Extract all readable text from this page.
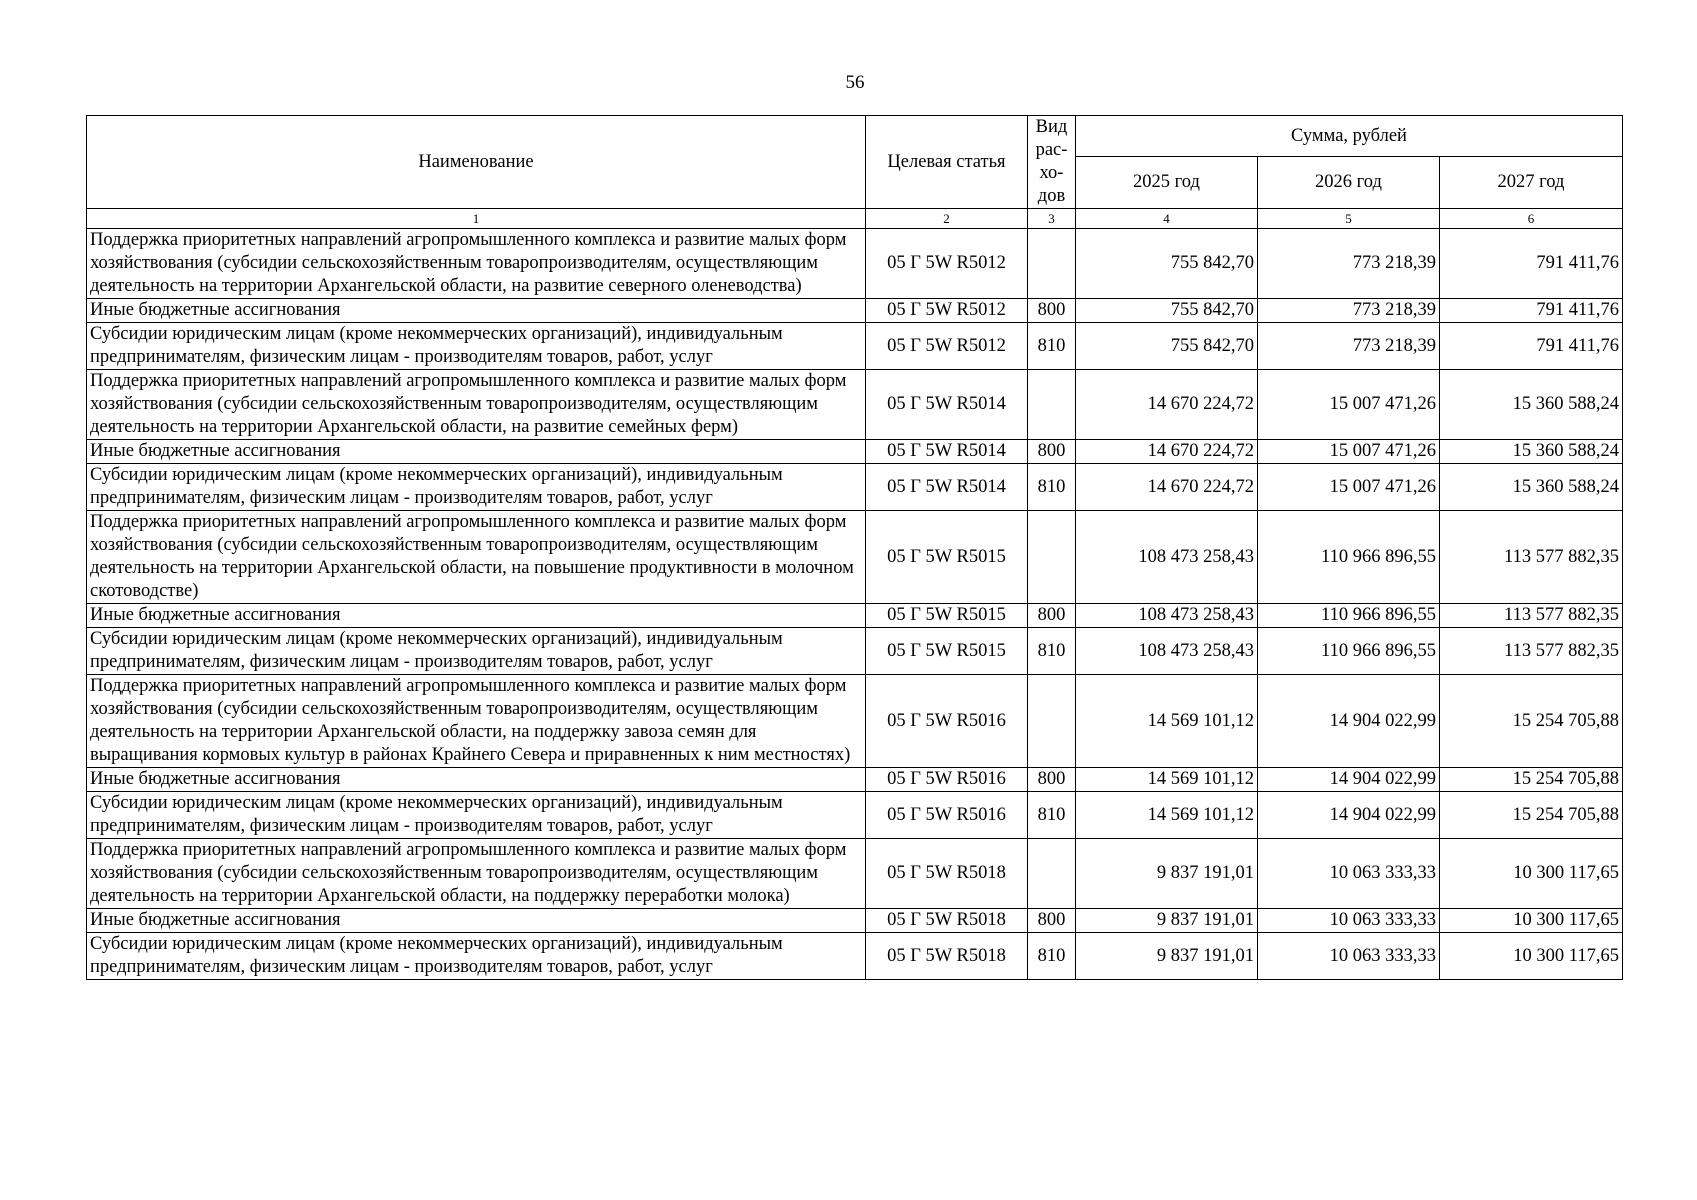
56
Наименование	Целевая статья	Вид рас-хо-дов	Сумма, рублей		
			2025 год	2026 год	2027 год
1	2	3	4	5	6
Поддержка приоритетных направлений агропромышленного комплекса и развитие малых форм хозяйствования (субсидии сельскохозяйственным товаропроизводителям, осуществляющим деятельность на территории Архангельской области, на развитие северного оленеводства)	05 Г 5W R5012		755 842,70	773 218,39	791 411,76
Иные бюджетные ассигнования	05 Г 5W R5012	800	755 842,70	773 218,39	791 411,76
Субсидии юридическим лицам (кроме некоммерческих организаций), индивидуальным предпринимателям, физическим лицам - производителям товаров, работ, услуг	05 Г 5W R5012	810	755 842,70	773 218,39	791 411,76
Поддержка приоритетных направлений агропромышленного комплекса и развитие малых форм хозяйствования (субсидии сельскохозяйственным товаропроизводителям, осуществляющим деятельность на территории Архангельской области, на развитие семейных ферм)	05 Г 5W R5014		14 670 224,72	15 007 471,26	15 360 588,24
Иные бюджетные ассигнования	05 Г 5W R5014	800	14 670 224,72	15 007 471,26	15 360 588,24
Субсидии юридическим лицам (кроме некоммерческих организаций), индивидуальным предпринимателям, физическим лицам - производителям товаров, работ, услуг	05 Г 5W R5014	810	14 670 224,72	15 007 471,26	15 360 588,24
Поддержка приоритетных направлений агропромышленного комплекса и развитие малых форм хозяйствования (субсидии сельскохозяйственным товаропроизводителям, осуществляющим деятельность на территории Архангельской области, на повышение продуктивности в молочном скотоводстве)	05 Г 5W R5015		108 473 258,43	110 966 896,55	113 577 882,35
Иные бюджетные ассигнования	05 Г 5W R5015	800	108 473 258,43	110 966 896,55	113 577 882,35
Субсидии юридическим лицам (кроме некоммерческих организаций), индивидуальным предпринимателям, физическим лицам - производителям товаров, работ, услуг	05 Г 5W R5015	810	108 473 258,43	110 966 896,55	113 577 882,35
Поддержка приоритетных направлений агропромышленного комплекса и развитие малых форм хозяйствования (субсидии сельскохозяйственным товаропроизводителям, осуществляющим деятельность на территории Архангельской области, на поддержку завоза семян для выращивания кормовых культур в районах Крайнего Севера и приравненных к ним местностях)	05 Г 5W R5016		14 569 101,12	14 904 022,99	15 254 705,88
Иные бюджетные ассигнования	05 Г 5W R5016	800	14 569 101,12	14 904 022,99	15 254 705,88
Субсидии юридическим лицам (кроме некоммерческих организаций), индивидуальным предпринимателям, физическим лицам - производителям товаров, работ, услуг	05 Г 5W R5016	810	14 569 101,12	14 904 022,99	15 254 705,88
Поддержка приоритетных направлений агропромышленного комплекса и развитие малых форм хозяйствования (субсидии сельскохозяйственным товаропроизводителям, осуществляющим деятельность на территории Архангельской области, на поддержку переработки молока)	05 Г 5W R5018		9 837 191,01	10 063 333,33	10 300 117,65
Иные бюджетные ассигнования	05 Г 5W R5018	800	9 837 191,01	10 063 333,33	10 300 117,65
Субсидии юридическим лицам (кроме некоммерческих организаций), индивидуальным предпринимателям, физическим лицам - производителям товаров, работ, услуг	05 Г 5W R5018	810	9 837 191,01	10 063 333,33	10 300 117,65
